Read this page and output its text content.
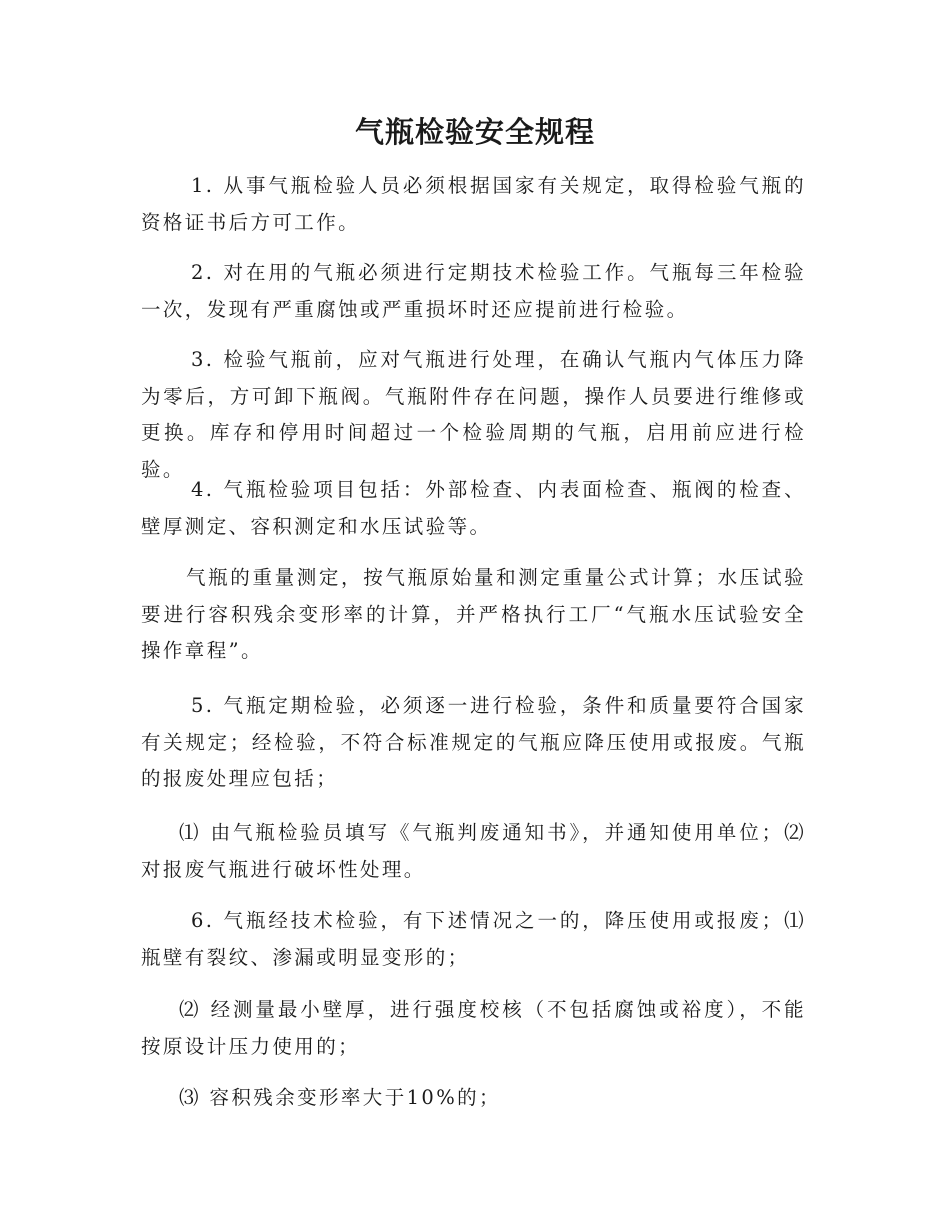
气瓶检验安全规程

1. 从事气瓶检验人员必须根据国家有关规定，取得检验气瓶的资格证书后方可工作。

2. 对在用的气瓶必须进行定期技术检验工作。气瓶每三年检验一次，发现有严重腐蚀或严重损坏时还应提前进行检验。

3. 检验气瓶前，应对气瓶进行处理，在确认气瓶内气体压力降为零后，方可卸下瓶阀。气瓶附件存在问题，操作人员要进行维修或更换。库存和停用时间超过一个检验周期的气瓶，启用前应进行检验。

4. 气瓶检验项目包括：外部检查、内表面检查、瓶阀的检查、壁厚测定、容积测定和水压试验等。

气瓶的重量测定，按气瓶原始量和测定重量公式计算；水压试验要进行容积残余变形率的计算，并严格执行工厂“气瓶水压试验安全操作章程”。

5. 气瓶定期检验，必须逐一进行检验，条件和质量要符合国家有关规定；经检验，不符合标准规定的气瓶应降压使用或报废。气瓶的报废处理应包括；

⑴ 由气瓶检验员填写《气瓶判废通知书》，并通知使用单位；⑵ 对报废气瓶进行破坏性处理。

6. 气瓶经技术检验，有下述情况之一的，降压使用或报废；⑴ 瓶壁有裂纹、渗漏或明显变形的；

⑵ 经测量最小壁厚，进行强度校核（不包括腐蚀或裕度），不能按原设计压力使用的；

⑶ 容积残余变形率大于10%的；
